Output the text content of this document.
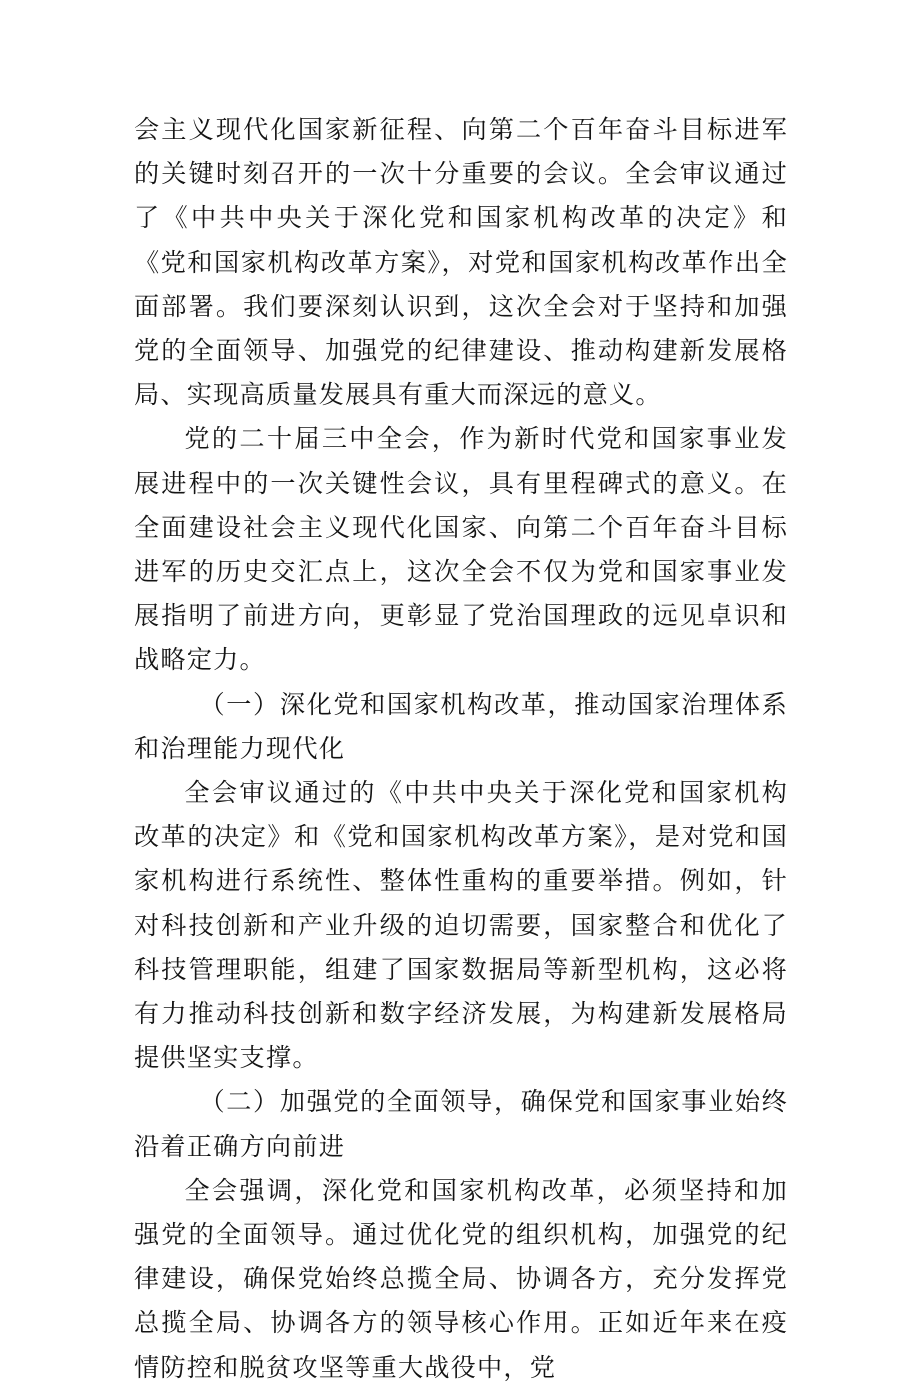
会主义现代化国家新征程、向第二个百年奋斗目标进军的关键时刻召开的一次十分重要的会议。全会审议通过了《中共中央关于深化党和国家机构改革的决定》和《党和国家机构改革方案》，对党和国家机构改革作出全面部署。我们要深刻认识到，这次全会对于坚持和加强党的全面领导、加强党的纪律建设、推动构建新发展格局、实现高质量发展具有重大而深远的意义。

党的二十届三中全会，作为新时代党和国家事业发展进程中的一次关键性会议，具有里程碑式的意义。在全面建设社会主义现代化国家、向第二个百年奋斗目标进军的历史交汇点上，这次全会不仅为党和国家事业发展指明了前进方向，更彰显了党治国理政的远见卓识和战略定力。

（一）深化党和国家机构改革，推动国家治理体系和治理能力现代化

全会审议通过的《中共中央关于深化党和国家机构改革的决定》和《党和国家机构改革方案》，是对党和国家机构进行系统性、整体性重构的重要举措。例如，针对科技创新和产业升级的迫切需要，国家整合和优化了科技管理职能，组建了国家数据局等新型机构，这必将有力推动科技创新和数字经济发展，为构建新发展格局提供坚实支撑。

（二）加强党的全面领导，确保党和国家事业始终沿着正确方向前进

全会强调，深化党和国家机构改革，必须坚持和加强党的全面领导。通过优化党的组织机构，加强党的纪律建设，确保党始终总揽全局、协调各方，充分发挥党总揽全局、协调各方的领导核心作用。正如近年来在疫情防控和脱贫攻坚等重大战役中，党
